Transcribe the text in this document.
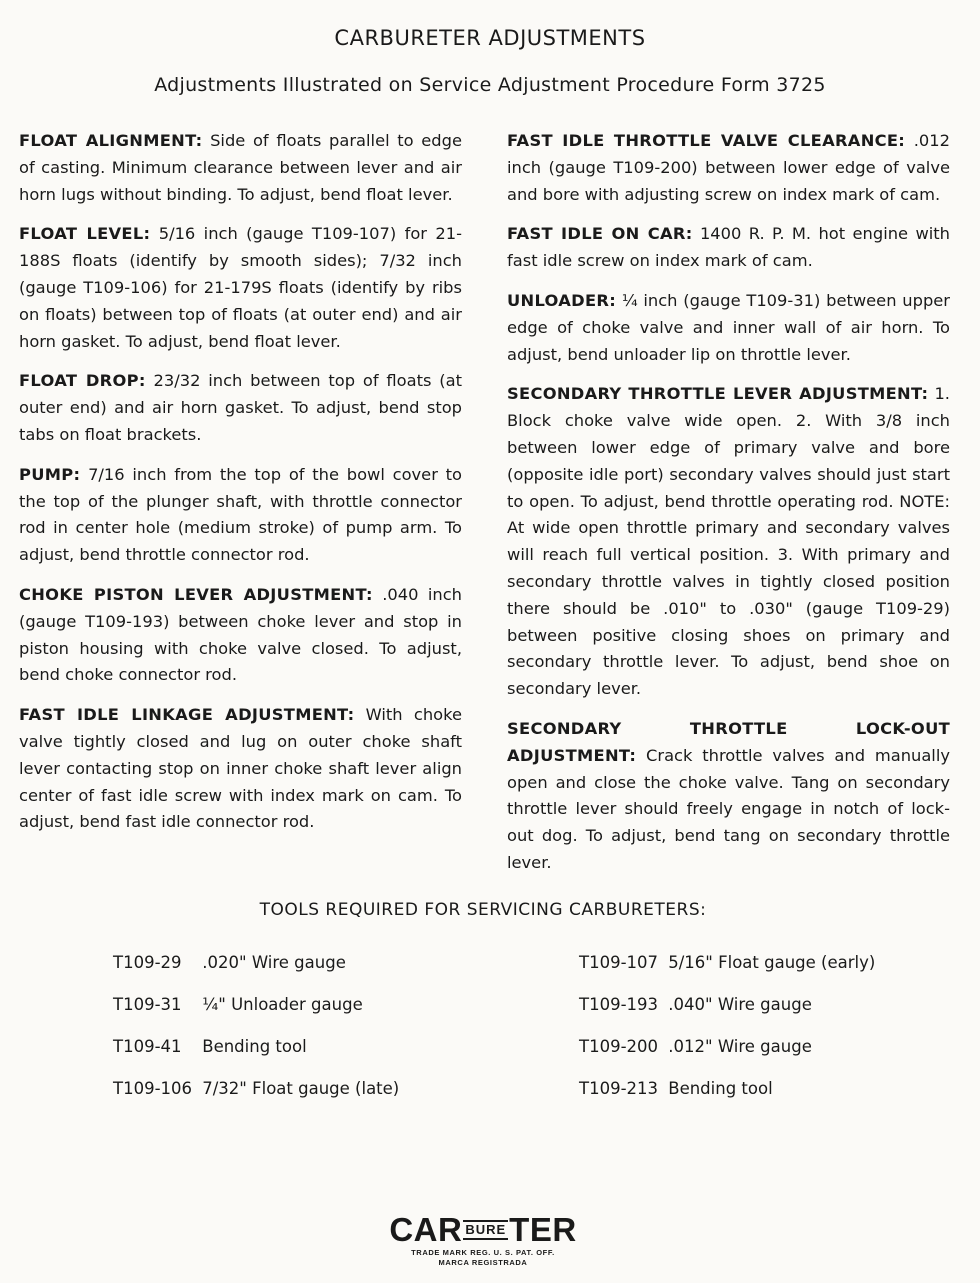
CARBURETER ADJUSTMENTS
Adjustments Illustrated on Service Adjustment Procedure Form 3725

FLOAT ALIGNMENT: Side of floats parallel to edge of casting. Minimum clearance between lever and air horn lugs without binding. To adjust, bend float lever.

FLOAT LEVEL: 5/16 inch (gauge T109-107) for 21-188S floats (identify by smooth sides); 7/32 inch (gauge T109-106) for 21-179S floats (identify by ribs on floats) between top of floats (at outer end) and air horn gasket. To adjust, bend float lever.

FLOAT DROP: 23/32 inch between top of floats (at outer end) and air horn gasket. To adjust, bend stop tabs on float brackets.

PUMP: 7/16 inch from the top of the bowl cover to the top of the plunger shaft, with throttle connector rod in center hole (medium stroke) of pump arm. To adjust, bend throttle connector rod.

CHOKE PISTON LEVER ADJUSTMENT: .040 inch (gauge T109-193) between choke lever and stop in piston housing with choke valve closed. To adjust, bend choke connector rod.

FAST IDLE LINKAGE ADJUSTMENT: With choke valve tightly closed and lug on outer choke shaft lever contacting stop on inner choke shaft lever align center of fast idle screw with index mark on cam. To adjust, bend fast idle connector rod.

FAST IDLE THROTTLE VALVE CLEARANCE: .012 inch (gauge T109-200) between lower edge of valve and bore with adjusting screw on index mark of cam.

FAST IDLE ON CAR: 1400 R. P. M. hot engine with fast idle screw on index mark of cam.

UNLOADER: ¼ inch (gauge T109-31) between upper edge of choke valve and inner wall of air horn. To adjust, bend unloader lip on throttle lever.

SECONDARY THROTTLE LEVER ADJUSTMENT: 1. Block choke valve wide open. 2. With 3/8 inch between lower edge of primary valve and bore (opposite idle port) secondary valves should just start to open. To adjust, bend throttle operating rod. NOTE: At wide open throttle primary and secondary valves will reach full vertical position. 3. With primary and secondary throttle valves in tightly closed position there should be .010" to .030" (gauge T109-29) between positive closing shoes on primary and secondary throttle lever. To adjust, bend shoe on secondary lever.

SECONDARY THROTTLE LOCK-OUT ADJUSTMENT: Crack throttle valves and manually open and close the choke valve. Tang on secondary throttle lever should freely engage in notch of lock-out dog. To adjust, bend tang on secondary throttle lever.

TOOLS REQUIRED FOR SERVICING CARBURETERS:
T109-29 .020" Wire gauge
T109-31 ¼" Unloader gauge
T109-41 Bending tool
T109-106 7/32" Float gauge (late)
T109-107 5/16" Float gauge (early)
T109-193 .040" Wire gauge
T109-200 .012" Wire gauge
T109-213 Bending tool
CAR BURE TER
TRADE MARK REG. U. S. PAT. OFF.
MARCA REGISTRADA
